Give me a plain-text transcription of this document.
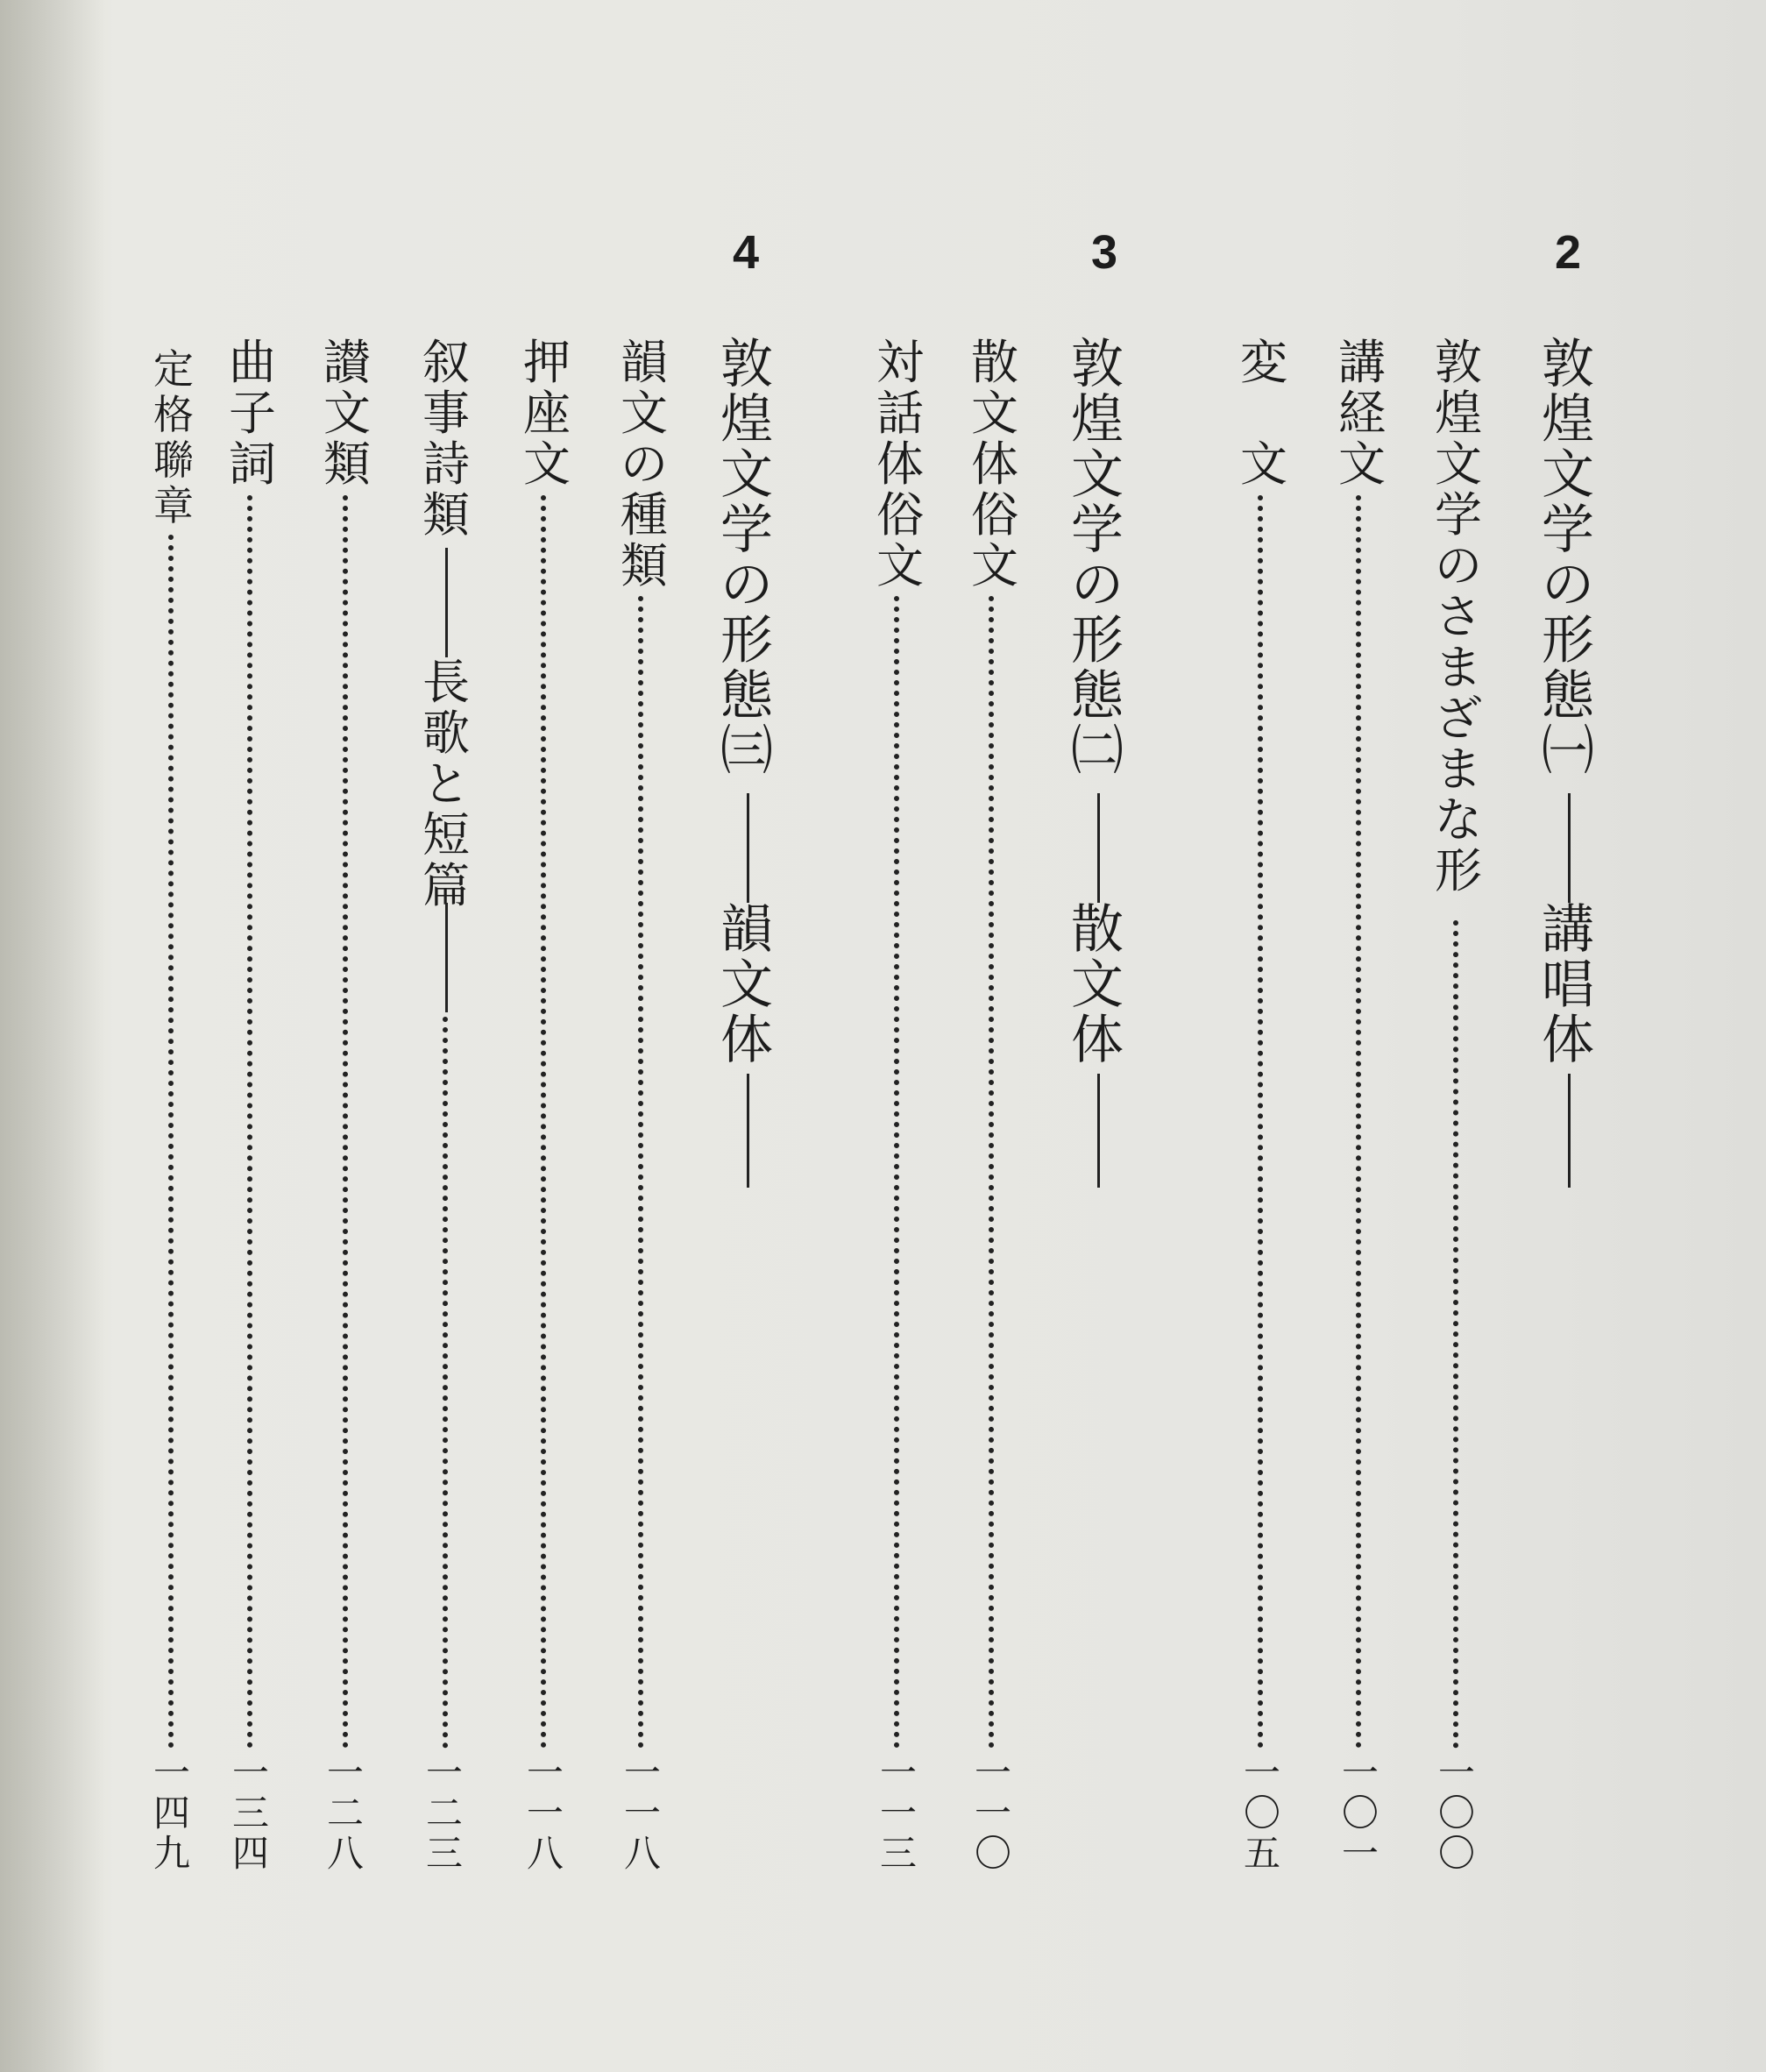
2
3
4
敦
煌
文
学
の
形
態
㈠
講
唱
体
敦
煌
文
学
の
形
態
㈡
散
文
体
敦
煌
文
学
の
形
態
㈢
韻
文
体
敦
煌
文
学
の
さ
ま
ざ
ま
な
形
一
〇
〇
講
経
文
一
〇
一
変

文
一
〇
五
散
文
体
俗
文
一
一
〇
対
話
体
俗
文
一
一
三
韻
文
の
種
類
一
一
八
押
座
文
一
一
八
叙
事
詩
類
長
歌
と
短
篇
一
二
三
讃
文
類
一
二
八
曲
子
詞
一
三
四
定
格
聯
章
一
四
九
